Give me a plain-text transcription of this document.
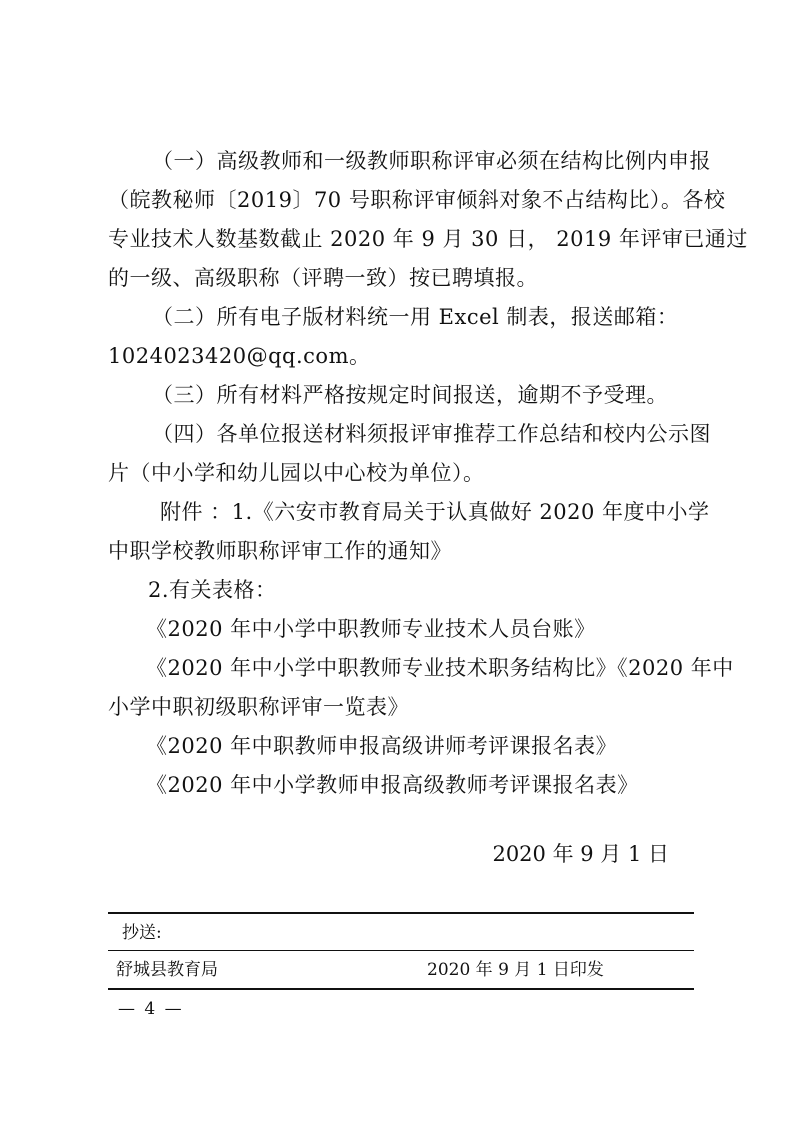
（一）高级教师和一级教师职称评审必须在结构比例内申报
（皖教秘师〔2019〕70 号职称评审倾斜对象不占结构比）。各校
专业技术人数基数截止 2020 年 9 月 30 日， 2019 年评审已通过
的一级、高级职称（评聘一致）按已聘填报。
（二）所有电子版材料统一用 Excel 制表，报送邮箱：
1024023420@qq.com。
（三）所有材料严格按规定时间报送，逾期不予受理。
（四）各单位报送材料须报评审推荐工作总结和校内公示图
片（中小学和幼儿园以中心校为单位）。
附件 ：1.《六安市教育局关于认真做好 2020 年度中小学
中职学校教师职称评审工作的通知》
2.有关表格：
《2020 年中小学中职教师专业技术人员台账》
《2020 年中小学中职教师专业技术职务结构比》《2020 年中
小学中职初级职称评审一览表》
《2020 年中职教师申报高级讲师考评课报名表》
《2020 年中小学教师申报高级教师考评课报名表》
2020 年 9 月 1 日
抄送:
舒城县教育局	2020 年 9 月 1 日印发
— 4 —
